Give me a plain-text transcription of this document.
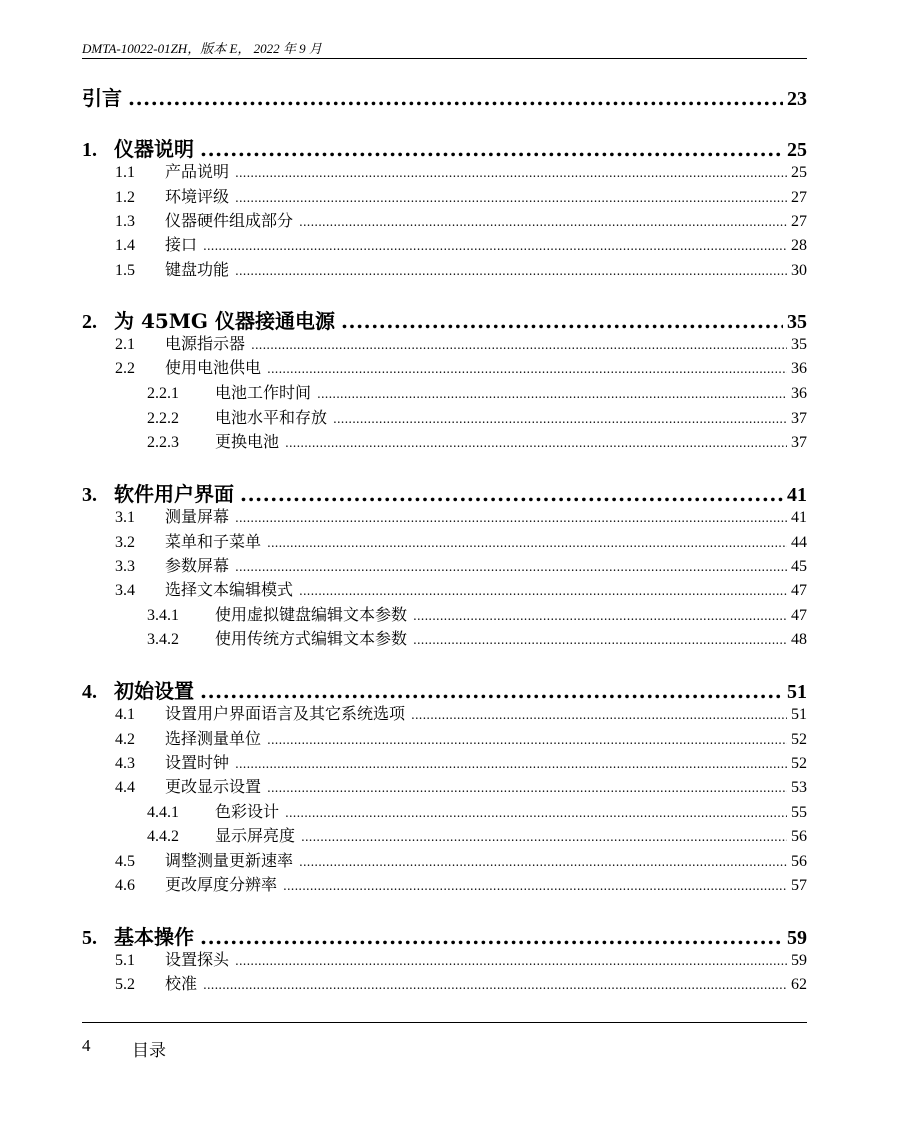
DMTA-10022-01ZH，版本 E， 2022 年 9 月
引言 .....	23
1. 仪器说明 .....	25
1.1	产品说明 .....	25
1.2	环境评级 .....	27
1.3	仪器硬件组成部分 .....	27
1.4	接口 .....	28
1.5	键盘功能 .....	30
2. 为 45MG 仪器接通电源 .....	35
2.1	电源指示器 .....	35
2.2	使用电池供电 .....	36
2.2.1	电池工作时间 .....	36
2.2.2	电池水平和存放 .....	37
2.2.3	更换电池 .....	37
3. 软件用户界面 .....	41
3.1	测量屏幕 .....	41
3.2	菜单和子菜单 .....	44
3.3	参数屏幕 .....	45
3.4	选择文本编辑模式 .....	47
3.4.1	使用虚拟键盘编辑文本参数 .....	47
3.4.2	使用传统方式编辑文本参数 .....	48
4. 初始设置 .....	51
4.1	设置用户界面语言及其它系统选项 .....	51
4.2	选择测量单位 .....	52
4.3	设置时钟 .....	52
4.4	更改显示设置 .....	53
4.4.1	色彩设计 .....	55
4.4.2	显示屏亮度 .....	56
4.5	调整测量更新速率 .....	56
4.6	更改厚度分辨率 .....	57
5. 基本操作 .....	59
5.1	设置探头 .....	59
5.2	校准 .....	62
4 目录
